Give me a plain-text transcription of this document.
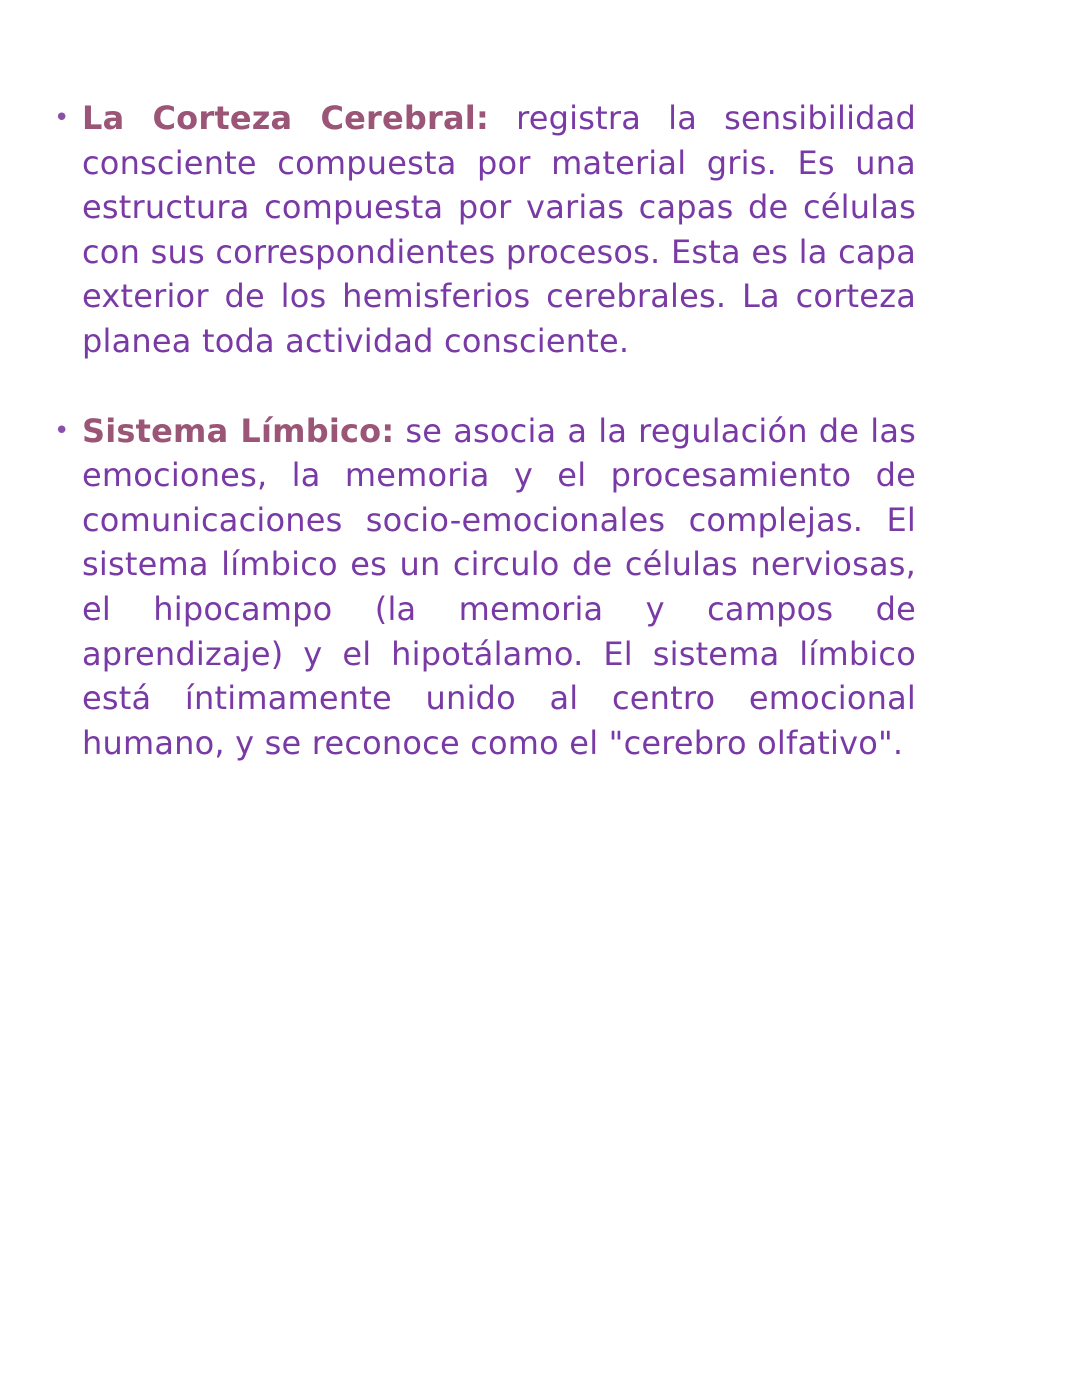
• La Corteza Cerebral: registra la sensibilidad consciente compuesta por material gris. Es una estructura compuesta por varias capas de células con sus correspondientes procesos. Esta es la capa exterior de los hemisferios cerebrales. La corteza planea toda actividad consciente.

• Sistema Límbico: se asocia a la regulación de las emociones, la memoria y el procesamiento de comunicaciones socio-emocionales complejas. El sistema límbico es un circulo de células nerviosas, el hipocampo (la memoria y campos de aprendizaje) y el hipotálamo. El sistema límbico está íntimamente unido al centro emocional humano, y se reconoce como el "cerebro olfativo".
